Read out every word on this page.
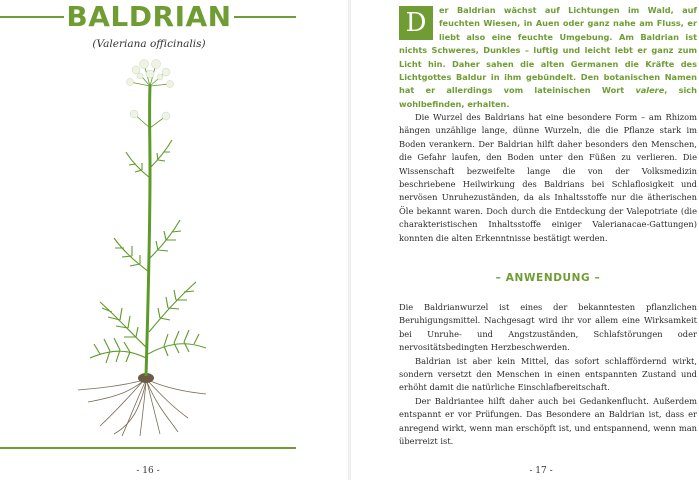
BALDRIAN
(Valeriana officinalis)
- 16 -
D	er Baldrian wächst auf Lichtungen im Wald, auf feuchten Wiesen, in Auen oder ganz nahe am Fluss, er liebt also eine feuchte Umgebung. Am Baldrian ist nichts Schweres, Dunkles – luftig und leicht lebt er ganz zum Licht hin. Daher sahen die alten Germanen die Kräfte des Lichtgottes Baldur in ihm gebündelt. Den botanischen Namen hat er allerdings vom lateinischen Wort valere, sich wohlbefinden, erhalten.

Die Wurzel des Baldrians hat eine besondere Form – am Rhizom hängen unzählige lange, dünne Wurzeln, die die Pflanze stark im Boden verankern. Der Baldrian hilft daher besonders den Menschen, die Gefahr laufen, den Boden unter den Füßen zu verlieren. Die Wissenschaft bezweifelte lange die von der Volksmedizin beschriebene Heilwirkung des Baldrians bei Schlaflosigkeit und nervösen Unruhezuständen, da als Inhaltsstoffe nur die ätherischen Öle bekannt waren. Doch durch die Entdeckung der Valepotriate (die charakteristischen Inhaltsstoffe einiger Valerianacae-Gattungen) konnten die alten Erkenntnisse bestätigt werden.

– ANWENDUNG –

Die Baldrianwurzel ist eines der bekanntesten pflanzlichen Beruhigungsmittel. Nachgesagt wird ihr vor allem eine Wirksamkeit bei Unruhe- und Angstzuständen, Schlafstörungen oder nervositätsbedingten Herzbeschwerden.

Baldrian ist aber kein Mittel, das sofort schlaffördernd wirkt, sondern versetzt den Menschen in einen entspannten Zustand und erhöht damit die natürliche Einschlafbereitschaft.

Der Baldriantee hilft daher auch bei Gedankenflucht. Außerdem entspannt er vor Prüfungen. Das Besondere an Baldrian ist, dass er anregend wirkt, wenn man erschöpft ist, und entspannend, wenn man überreizt ist.

- 17 -
